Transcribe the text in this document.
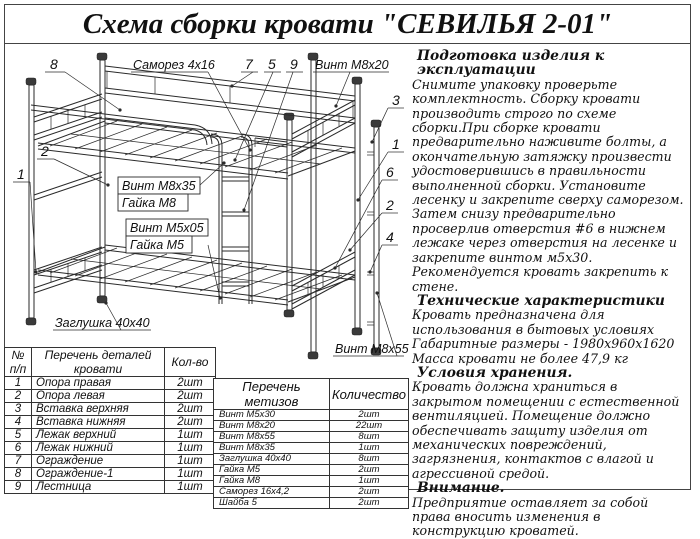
Схема сборки кровати "СЕВИЛЬЯ 2-01"
8	Саморез 4х16 7 5 9 Винт М8х20
3
1
6
2
4
2
1
Винт М8х35
Гайка М8
Винт М5х05
Гайка М5
Заглушка 40х40
Винт М8х55
Подготовка изделия к эксплуатации
Снимите упаковку проверьте комплектность. Сборку кровати производить строго по схеме сборки.При сборке кровати предварительно наживите болты, а окончательную затяжку произвести удостоверившись в правильности выполненной сборки. Установите лесенку и закрепите сверху саморезом. Затем снизу предварительно просверлив отверстия #6 в нижнем лежаке через отверстия на лесенке и закрепите винтом м5х30. Рекомендуется кровать закрепить к стене.
Технические характеристики
Кровать предназначена для использования в бытовых условиях
Габаритные размеры - 1980х960х1620
Масса кровати не более 47,9 кг
Условия хранения.
Кровать должна храниться в закрытом помещении с естественной вентиляцией. Помещение должно обеспечивать защиту изделия от механических повреждений, загрязнения, контактов с влагой и агрессивной средой.
Внимание.
Предприятие оставляет за собой права вносить изменения в конструкцию кроватей.
№ п/п	Перечень деталей кровати	Кол-во
1	Опора правая	2шт
2	Опора левая	2шт
3	Вставка верхняя	2шт
4	Вставка нижняя	2шт
5	Лежак верхний	1шт
6	Лежак нижний	1шт
7	Ограждение	1шт
8	Ограждение-1	1шт
9	Лестница	1шт
Перечень метизов	Количество
Винт М5х30	2шт
Винт М8х20	22шт
Винт М8х55	8шт
Винт М8х35	1шт
Заглушка 40х40	8шт
Гайка М5	2шт
Гайка М8	1шт
Саморез 16х4,2	2шт
Шайба 5	2шт
